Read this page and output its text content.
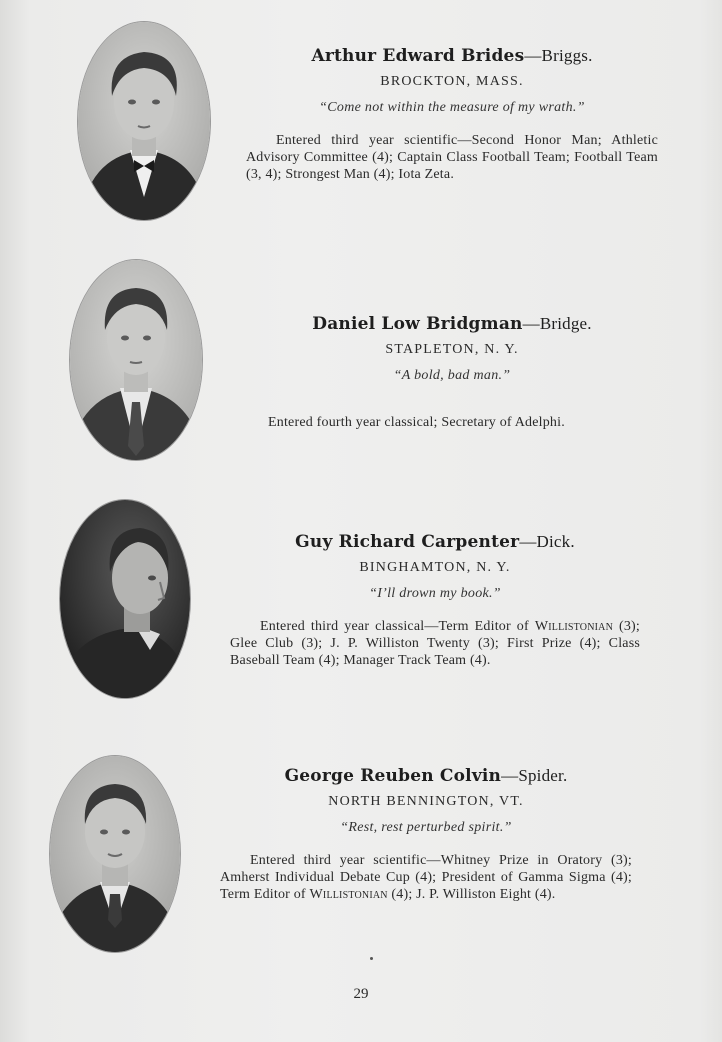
Arthur Edward Brides—Briggs.
BROCKTON, MASS.
“Come not within the measure of my wrath.”
Entered third year scientific—Second Honor Man; Athletic Advisory Committee (4); Captain Class Football Team; Football Team (3, 4); Strongest Man (4); Iota Zeta.
Daniel Low Bridgman—Bridge.
STAPLETON, N. Y.
“A bold, bad man.”
Entered fourth year classical; Secretary of Adelphi.
Guy Richard Carpenter—Dick.
BINGHAMTON, N. Y.
“I’ll drown my book.”
Entered third year classical—Term Editor of Willistonian (3); Glee Club (3); J. P. Williston Twenty (3); First Prize (4); Class Baseball Team (4); Manager Track Team (4).
George Reuben Colvin—Spider.
NORTH BENNINGTON, VT.
“Rest, rest perturbed spirit.”
Entered third year scientific—Whitney Prize in Oratory (3); Amherst Individual Debate Cup (4); President of Gamma Sigma (4); Term Editor of Willistonian (4); J. P. Williston Eight (4).
29
